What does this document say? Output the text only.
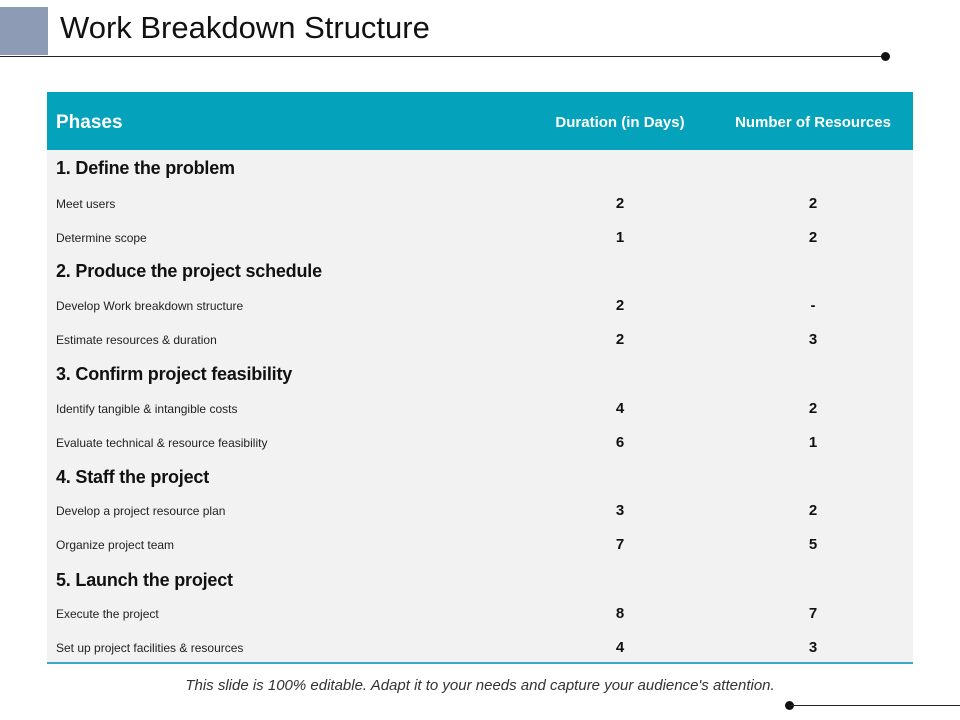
Work Breakdown Structure
Phases	Duration (in Days)	Number of Resources
1. Define the problem
Meet users	2	2
Determine scope	1	2
2. Produce the project schedule
Develop Work breakdown structure	2	-
Estimate resources & duration	2	3
3. Confirm project feasibility
Identify tangible & intangible costs	4	2
Evaluate technical & resource feasibility	6	1
4. Staff the project
Develop a project resource plan	3	2
Organize project team	7	5
5. Launch the project
Execute the project	8	7
Set up project facilities & resources	4	3
This slide is 100% editable. Adapt it to your needs and capture your audience's attention.
